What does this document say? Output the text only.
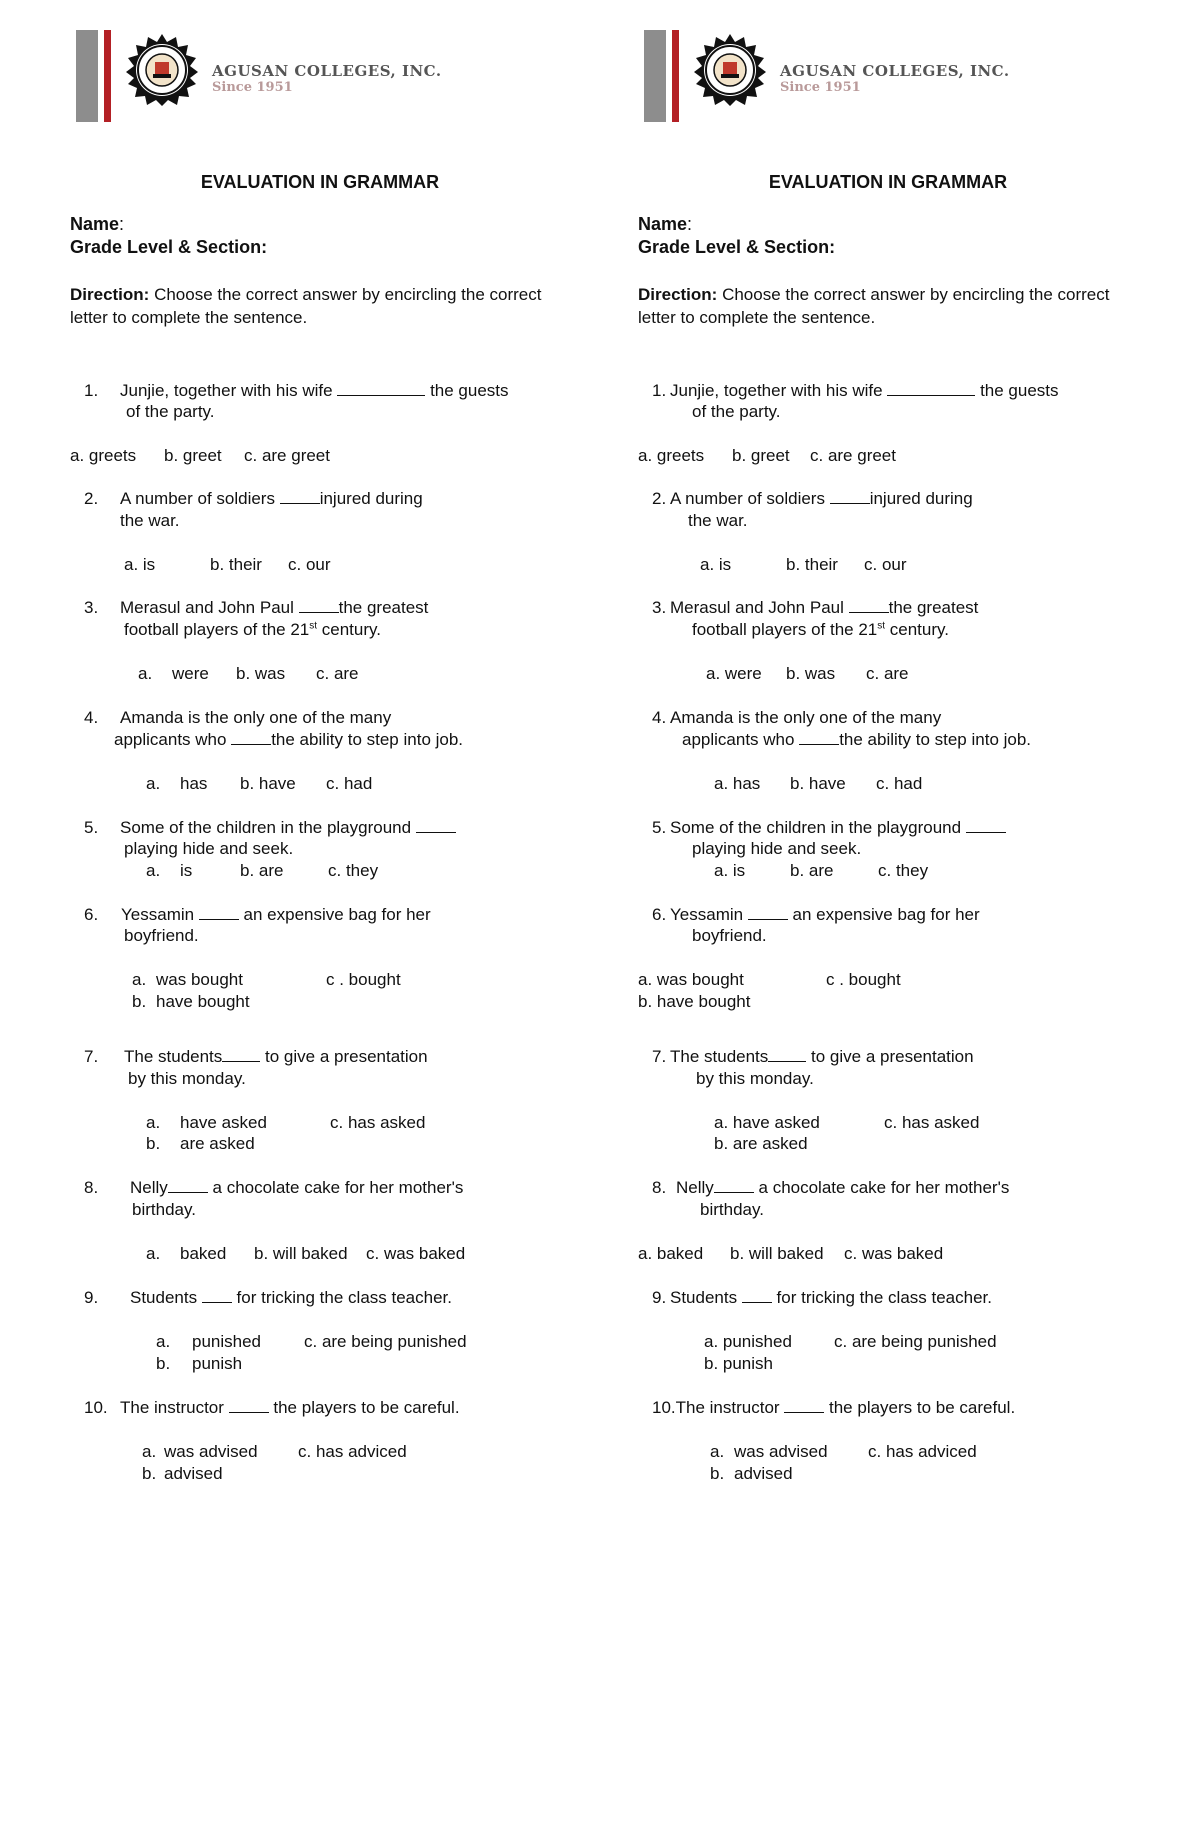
AGUSAN COLLEGES, INC.
Since 1951
EVALUATION IN GRAMMAR
Name:
Grade Level & Section:
Direction: Choose the correct answer by encircling the correct letter to complete the sentence.
1. Junjie, together with his wife	the guests
of the party.
a. greets b. greet c. are greet
2. A number of soldiers injured during
the war.
a. is	b. their c. our
3. Merasul and John Paul the greatest
football players of the 21st century.
a. were b. was c. are
4. Amanda is the only one of the many
applicants who the ability to step into job.
a. has b. have c. had
5. Some of the children in the playground
playing hide and seek.
a. is	b. are	c. they
6. Yessamin  an expensive bag for her
boyfriend.
a. was bought	c . bought
b. have bought
7. The students to give a presentation
by this monday.
a. have asked	c. has asked
b. are asked
8. Nelly a chocolate cake for her mother's
birthday.
a. baked b. will baked c. was baked
9. Students  for tricking the class teacher.
a. punished	c. are being punished
b. punish
10. The instructor  the players to be careful.
a. was advised c. has adviced
b. advised
AGUSAN COLLEGES, INC.
Since 1951
EVALUATION IN GRAMMAR
Name:
Grade Level & Section:
Direction: Choose the correct answer by encircling the correct letter to complete the sentence.
1. Junjie, together with his wife	the guests
of the party.
a. greets b. greet c. are greet
2. A number of soldiers injured during
the war.
a. is	b. their c. our
3. Merasul and John Paul the greatest
football players of the 21st century.
a. were b. was c. are
4. Amanda is the only one of the many
applicants who the ability to step into job.
a. has b. have c. had
5. Some of the children in the playground
playing hide and seek.
a. is	b. are	c. they
6. Yessamin  an expensive bag for her
boyfriend.
a. was bought	c . bought
b. have bought
7. The students to give a presentation
by this monday.
a. have asked	c. has asked
b. are asked
8. Nelly a chocolate cake for her mother's
birthday.
a. baked b. will baked c. was baked
9. Students  for tricking the class teacher.
a. punished c. are being punished
b. punish
10.The instructor  the players to be careful.
a. was advised c. has adviced
b. advised
